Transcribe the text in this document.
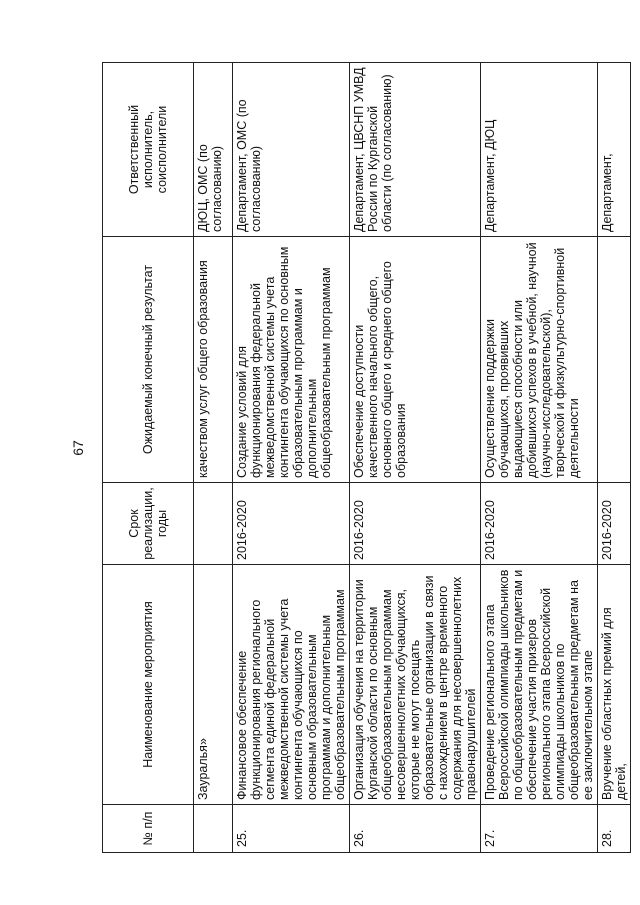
67
№ п/п	Наименование мероприятия	Срок реализации, годы	Ожидаемый конечный результат	Ответственный исполнитель, соисполнители
	Зауралья»		качеством услуг общего образования	ДЮЦ, ОМС (по согласованию)
25.	Финансовое обеспечение функционирования регионального сегмента единой федеральной межведомственной системы учета контингента обучающихся по основным образовательным программам и дополнительным общеобразовательным программам	2016-2020	Создание условий для функционирования федеральной межведомственной системы учета контингента обучающихся по основным образовательным программам и дополнительным общеобразовательным программам	Департамент, ОМС (по согласованию)
26.	Организация обучения на территории Курганской области по основным общеобразовательным программам несовершеннолетних обучающихся, которые не могут посещать образовательные организации в связи с нахождением в центре временного содержания для несовершеннолетних правонарушителей	2016-2020	Обеспечение доступности качественного начального общего, основного общего и среднего общего образования	Департамент, ЦВСНП УМВД России по Курганской области (по согласованию)
27.	Проведение регионального этапа Всероссийской олимпиады школьников по общеобразовательным предметам и обеспечение участия призеров регионального этапа Всероссийской олимпиады школьников по общеобразовательным предметам на ее заключительном этапе	2016-2020	Осуществление поддержки обучающихся, проявивших выдающиеся способности или добившихся успехов в учебной, научной (научно-исследовательской), творческой и физкультурно-спортивной деятельности	Департамент, ДЮЦ
28.	Вручение областных премий для детей,	2016-2020		Департамент,
